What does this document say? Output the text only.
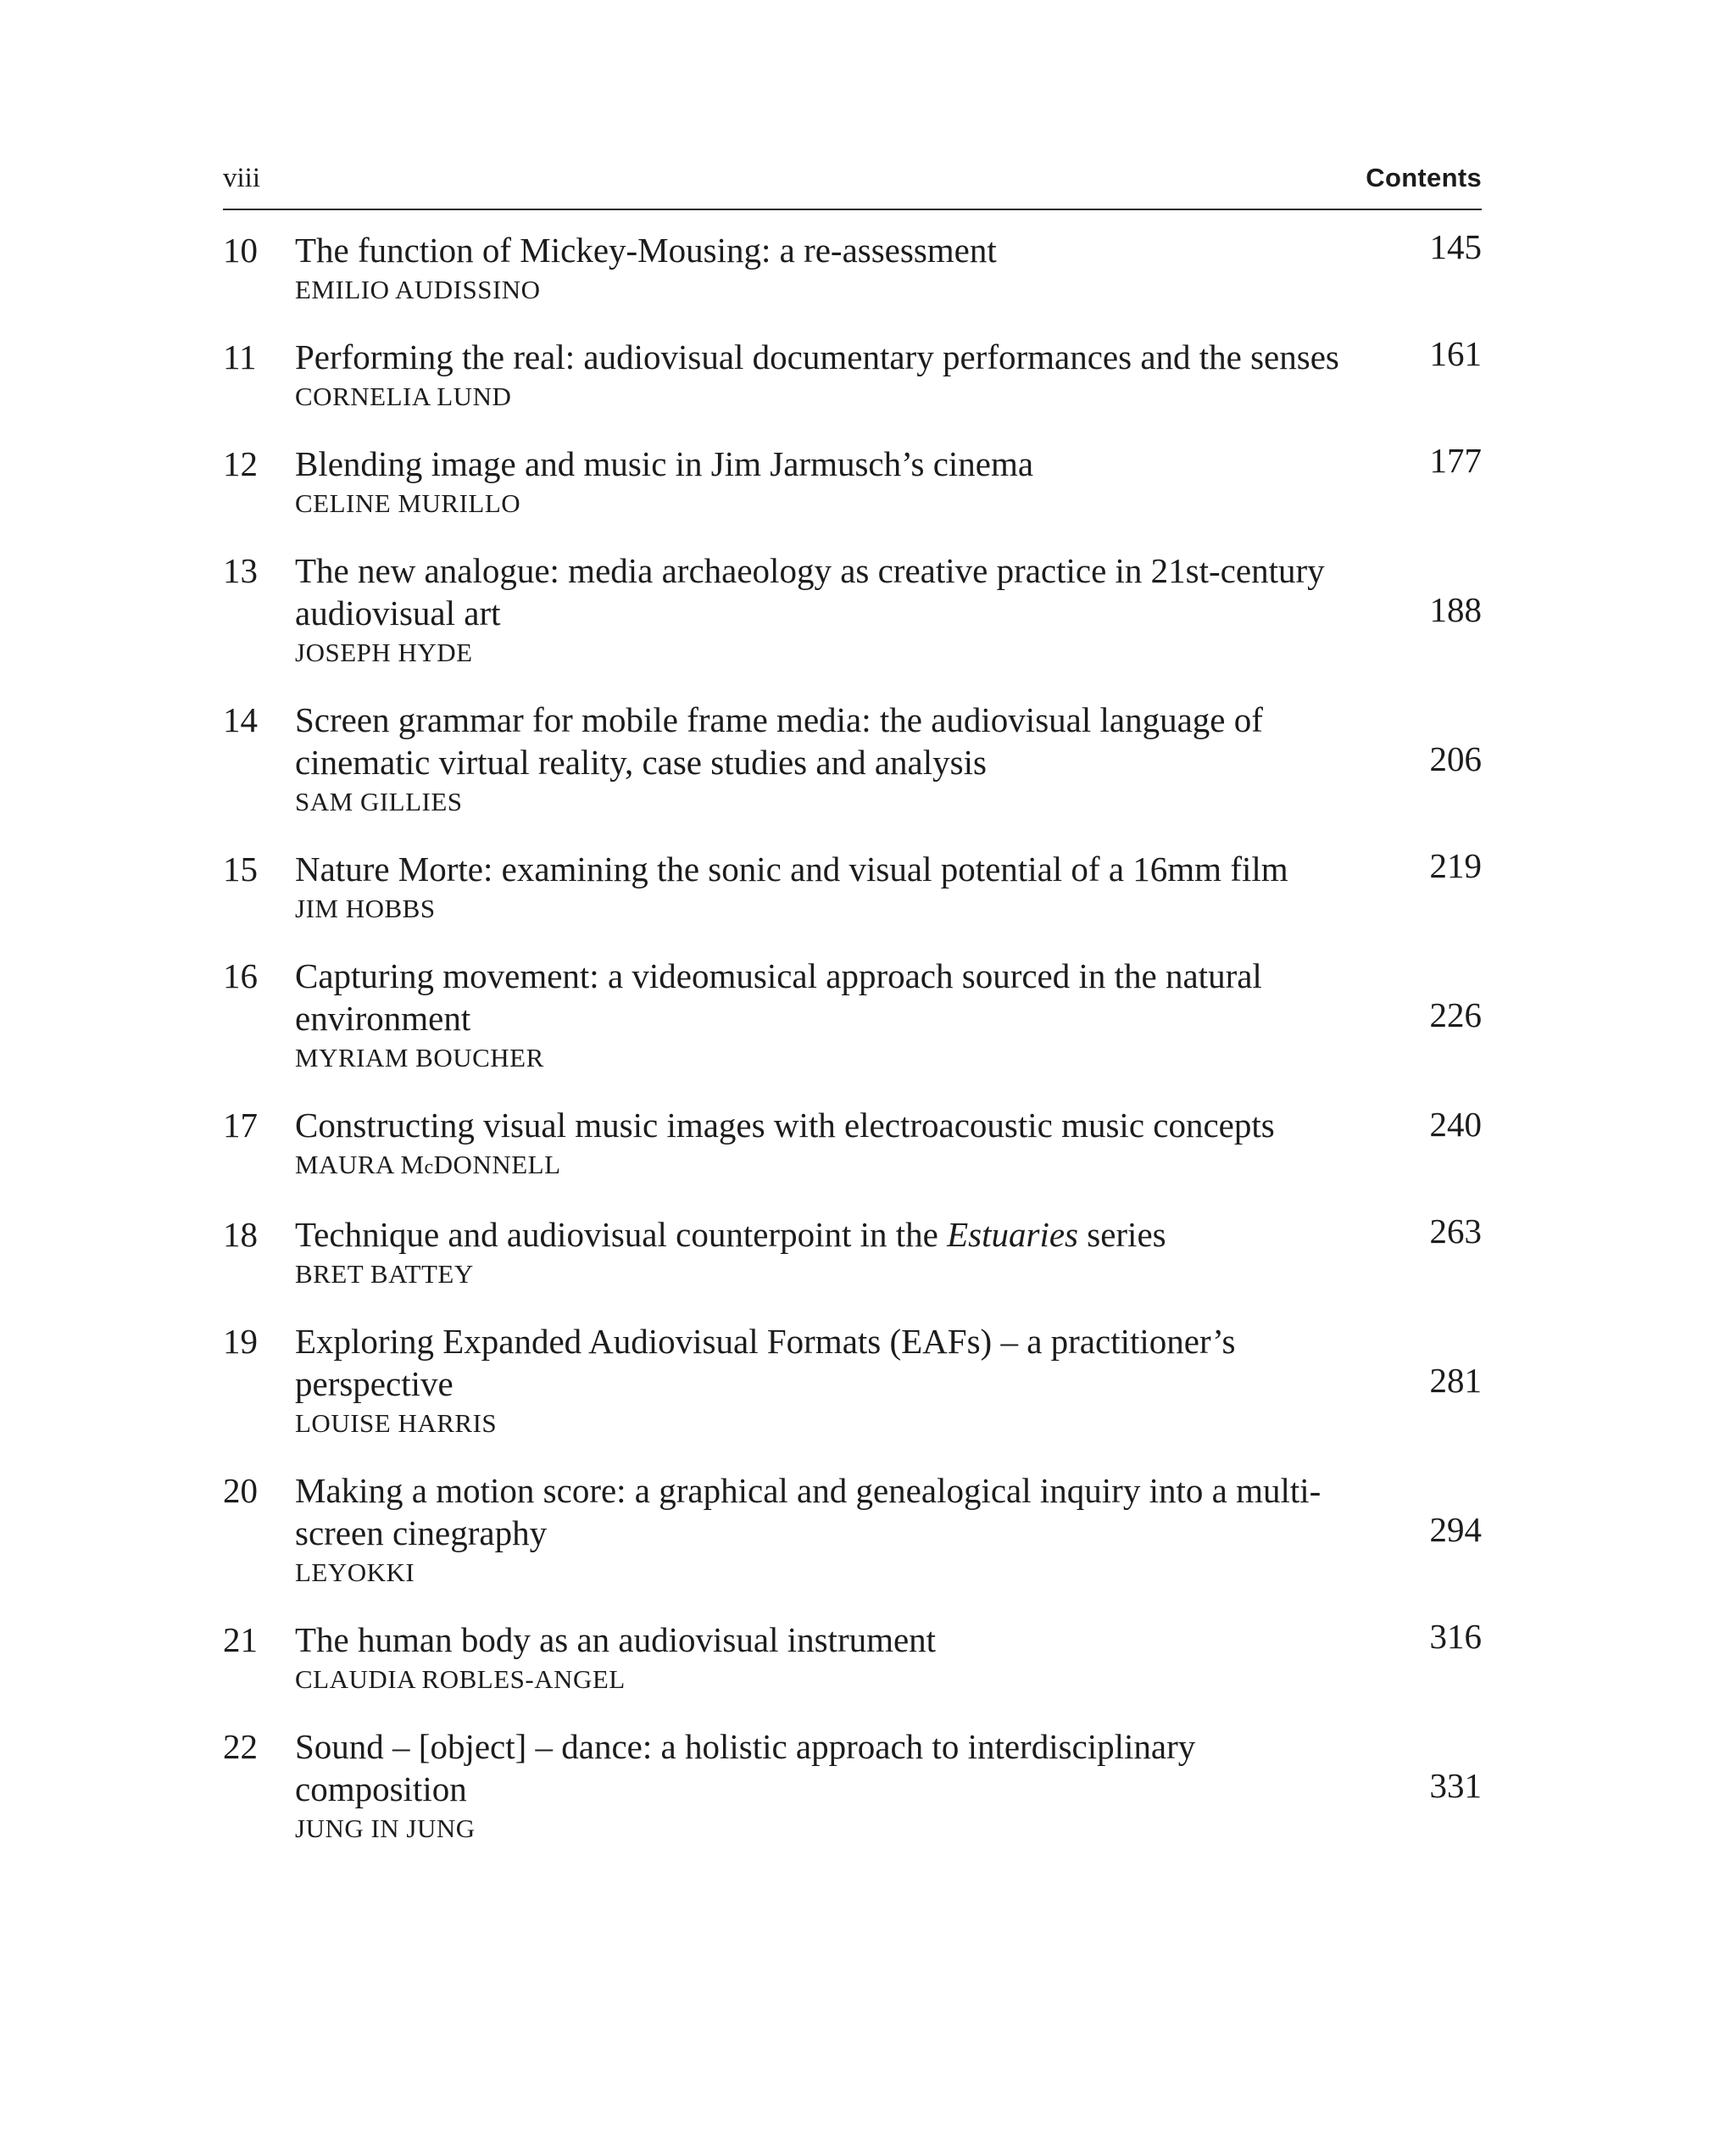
viii	Contents
10 The function of Mickey-Mousing: a re-assessment
EMILIO AUDISSINO
145
11 Performing the real: audiovisual documentary performances and the senses
CORNELIA LUND
161
12 Blending image and music in Jim Jarmusch’s cinema
CELINE MURILLO
177
13 The new analogue: media archaeology as creative practice in 21st-century audiovisual art
JOSEPH HYDE
188
14 Screen grammar for mobile frame media: the audiovisual language of cinematic virtual reality, case studies and analysis
SAM GILLIES
206
15 Nature Morte: examining the sonic and visual potential of a 16mm film
JIM HOBBS
219
16 Capturing movement: a videomusical approach sourced in the natural environment
MYRIAM BOUCHER
226
17 Constructing visual music images with electroacoustic music concepts
MAURA McDONNELL
240
18 Technique and audiovisual counterpoint in the Estuaries series
BRET BATTEY
263
19 Exploring Expanded Audiovisual Formats (EAFs) – a practitioner’s perspective
LOUISE HARRIS
281
20 Making a motion score: a graphical and genealogical inquiry into a multi-screen cinegraphy
LEYOKKI
294
21 The human body as an audiovisual instrument
CLAUDIA ROBLES-ANGEL
316
22 Sound – [object] – dance: a holistic approach to interdisciplinary composition
JUNG IN JUNG
331
